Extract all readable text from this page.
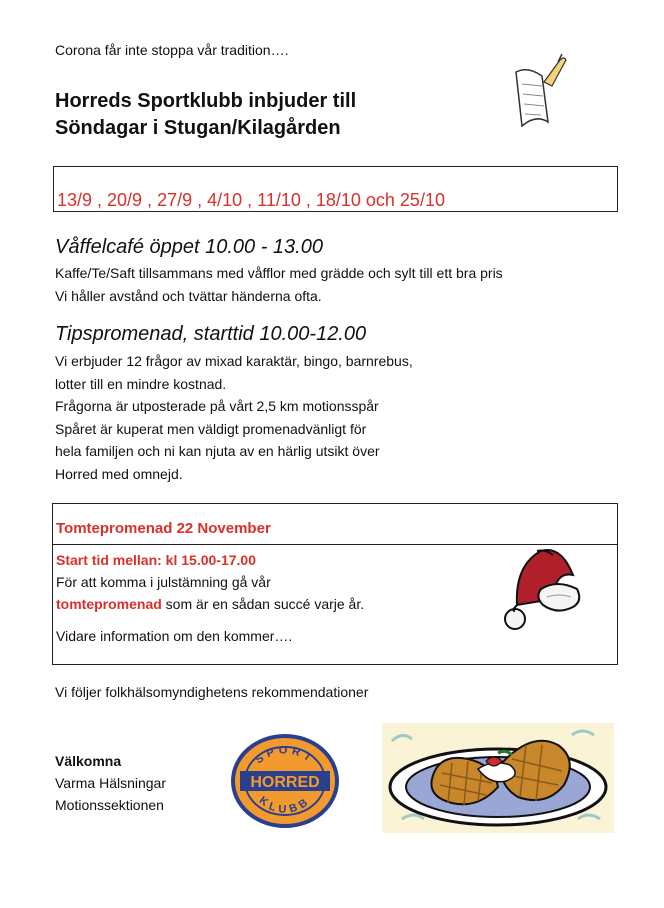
Corona får inte stoppa vår tradition….
Horreds Sportklubb inbjuder till
Söndagar i Stugan/Kilagården
13/9 , 20/9 , 27/9 , 4/10 , 11/10 , 18/10 och 25/10
Våffelcafé öppet 10.00 - 13.00
Kaffe/Te/Saft tillsammans med våfflor med grädde och sylt till ett bra pris
Vi håller avstånd och tvättar händerna ofta.
Tipspromenad, starttid 10.00-12.00
Vi erbjuder 12 frågor av mixad karaktär, bingo, barnrebus,
lotter till en mindre kostnad.
Frågorna är utposterade på vårt 2,5 km motionsspår
Spåret är kuperat men väldigt promenadvänligt för
hela familjen och ni kan njuta av en härlig utsikt över
Horred med omnejd.
Tomtepromenad 22 November
Start tid mellan: kl 15.00-17.00
För att komma i julstämning gå vår
tomtepromenad som är en sådan succé varje år.
Vidare information om den kommer….
Vi följer folkhälsomyndighetens rekommendationer
Välkomna
Varma Hälsningar
Motionssektionen
SPORT
HORRED
KLUBB
